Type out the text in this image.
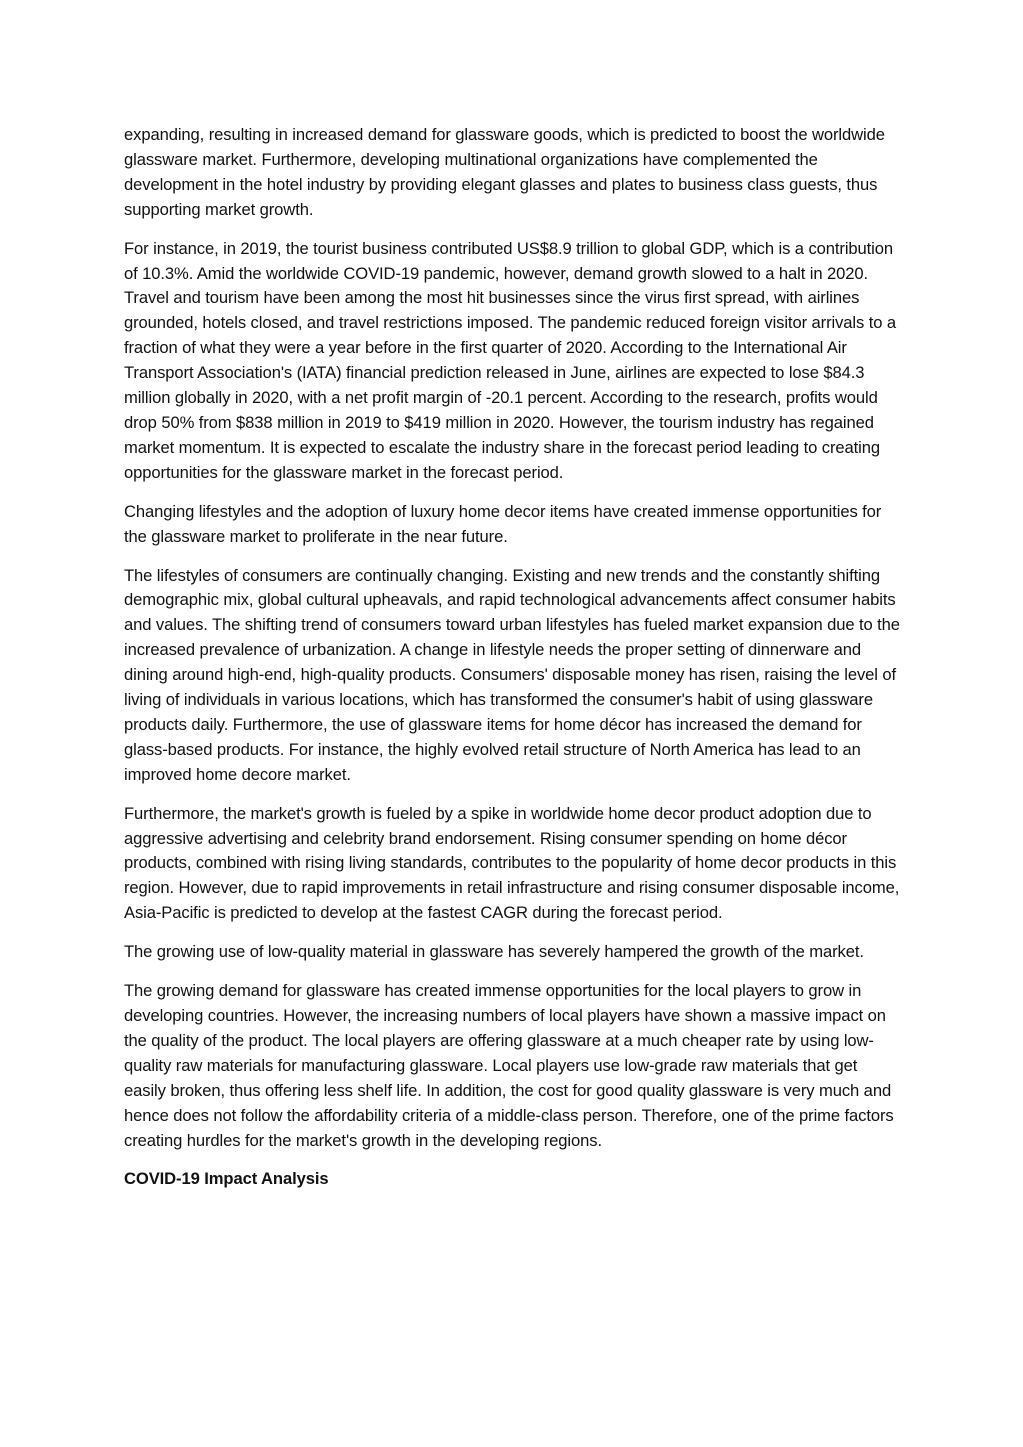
expanding, resulting in increased demand for glassware goods, which is predicted to boost the worldwide glassware market. Furthermore, developing multinational organizations have complemented the development in the hotel industry by providing elegant glasses and plates to business class guests, thus supporting market growth.

For instance, in 2019, the tourist business contributed US$8.9 trillion to global GDP, which is a contribution of 10.3%. Amid the worldwide COVID-19 pandemic, however, demand growth slowed to a halt in 2020. Travel and tourism have been among the most hit businesses since the virus first spread, with airlines grounded, hotels closed, and travel restrictions imposed. The pandemic reduced foreign visitor arrivals to a fraction of what they were a year before in the first quarter of 2020. According to the International Air Transport Association's (IATA) financial prediction released in June, airlines are expected to lose $84.3 million globally in 2020, with a net profit margin of -20.1 percent. According to the research, profits would drop 50% from $838 million in 2019 to $419 million in 2020. However, the tourism industry has regained market momentum. It is expected to escalate the industry share in the forecast period leading to creating opportunities for the glassware market in the forecast period.

Changing lifestyles and the adoption of luxury home decor items have created immense opportunities for the glassware market to proliferate in the near future.

The lifestyles of consumers are continually changing. Existing and new trends and the constantly shifting demographic mix, global cultural upheavals, and rapid technological advancements affect consumer habits and values. The shifting trend of consumers toward urban lifestyles has fueled market expansion due to the increased prevalence of urbanization. A change in lifestyle needs the proper setting of dinnerware and dining around high-end, high-quality products. Consumers' disposable money has risen, raising the level of living of individuals in various locations, which has transformed the consumer's habit of using glassware products daily. Furthermore, the use of glassware items for home décor has increased the demand for glass-based products. For instance, the highly evolved retail structure of North America has lead to an improved home decore market.

Furthermore, the market's growth is fueled by a spike in worldwide home decor product adoption due to aggressive advertising and celebrity brand endorsement. Rising consumer spending on home décor products, combined with rising living standards, contributes to the popularity of home decor products in this region. However, due to rapid improvements in retail infrastructure and rising consumer disposable income, Asia-Pacific is predicted to develop at the fastest CAGR during the forecast period.

The growing use of low-quality material in glassware has severely hampered the growth of the market.

The growing demand for glassware has created immense opportunities for the local players to grow in developing countries. However, the increasing numbers of local players have shown a massive impact on the quality of the product. The local players are offering glassware at a much cheaper rate by using low-quality raw materials for manufacturing glassware. Local players use low-grade raw materials that get easily broken, thus offering less shelf life. In addition, the cost for good quality glassware is very much and hence does not follow the affordability criteria of a middle-class person. Therefore, one of the prime factors creating hurdles for the market's growth in the developing regions.

COVID-19 Impact Analysis
